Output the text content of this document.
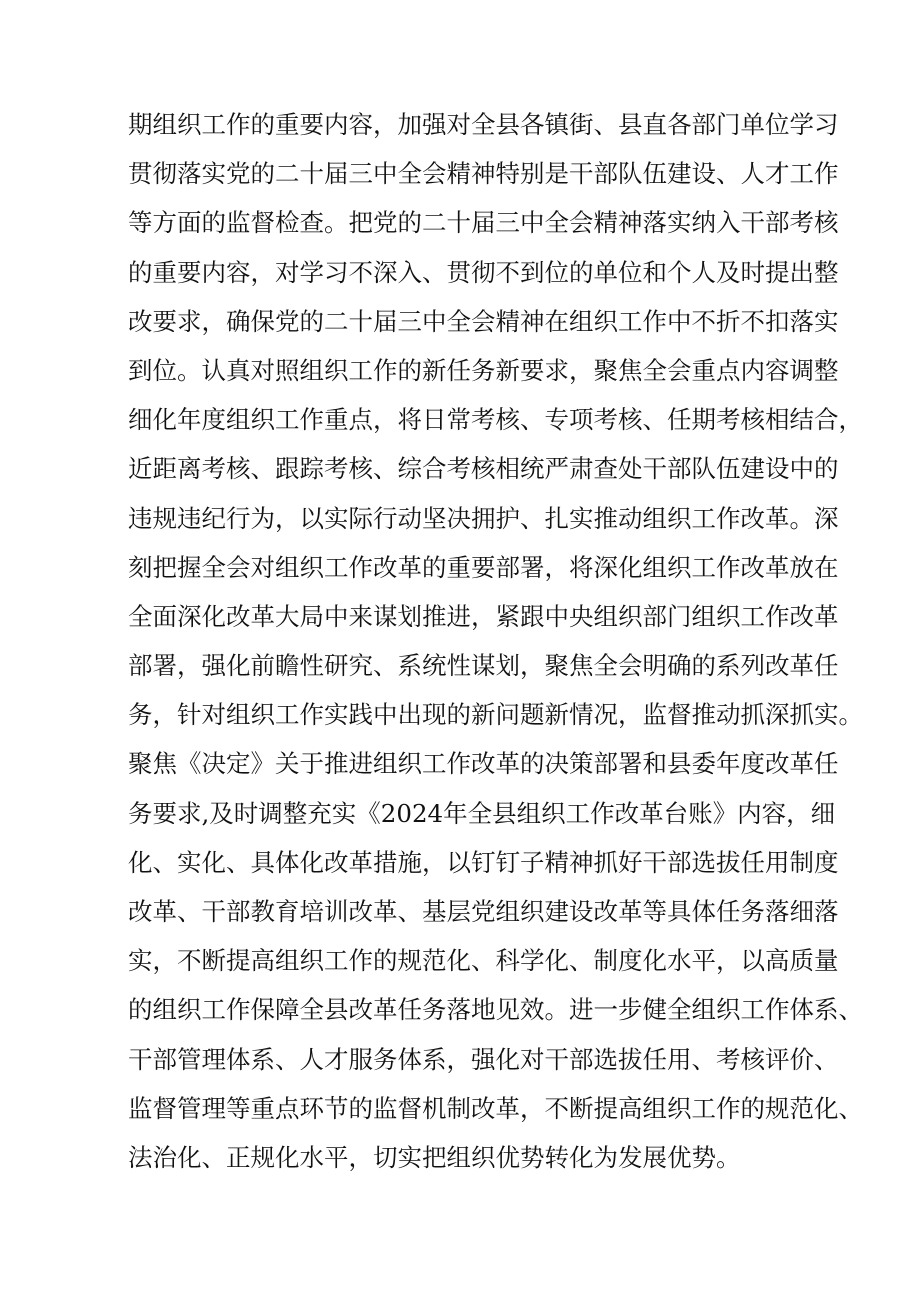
期组织工作的重要内容，加强对全县各镇街、县直各部门单位学习
贯彻落实党的二十届三中全会精神特别是干部队伍建设、人才工作
等方面的监督检查。把党的二十届三中全会精神落实纳入干部考核
的重要内容，对学习不深入、贯彻不到位的单位和个人及时提出整
改要求，确保党的二十届三中全会精神在组织工作中不折不扣落实
到位。认真对照组织工作的新任务新要求，聚焦全会重点内容调整
细化年度组织工作重点，将日常考核、专项考核、任期考核相结合，
近距离考核、跟踪考核、综合考核相统严肃查处干部队伍建设中的
违规违纪行为，以实际行动坚决拥护、扎实推动组织工作改革。深
刻把握全会对组织工作改革的重要部署，将深化组织工作改革放在
全面深化改革大局中来谋划推进，紧跟中央组织部门组织工作改革
部署，强化前瞻性研究、系统性谋划，聚焦全会明确的系列改革任
务，针对组织工作实践中出现的新问题新情况，监督推动抓深抓实。
聚焦《决定》关于推进组织工作改革的决策部署和县委年度改革任
务要求,及时调整充实《2024年全县组织工作改革台账》内容，细
化、实化、具体化改革措施，以钉钉子精神抓好干部选拔任用制度
改革、干部教育培训改革、基层党组织建设改革等具体任务落细落
实，不断提高组织工作的规范化、科学化、制度化水平，以高质量
的组织工作保障全县改革任务落地见效。进一步健全组织工作体系、
干部管理体系、人才服务体系，强化对干部选拔任用、考核评价、
监督管理等重点环节的监督机制改革，不断提高组织工作的规范化、
法治化、正规化水平，切实把组织优势转化为发展优势。
